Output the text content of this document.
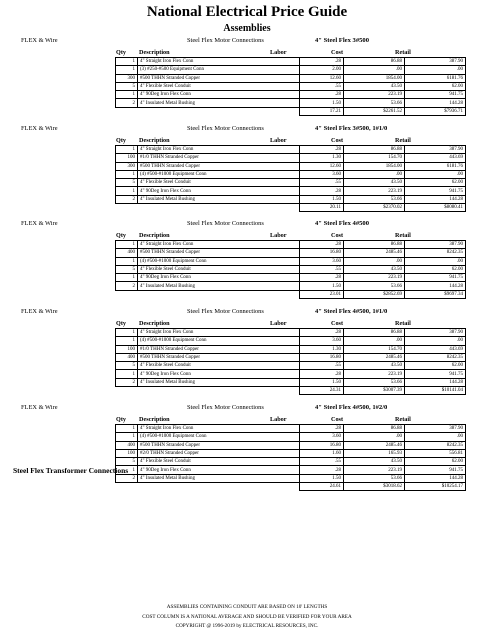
National Electrical Price Guide
Assemblies
FLEX & Wire	Steel Flex Motor Connections	4" Steel Flex 3#500
Qty Description	Labor	Cost	Retail
1	4" Straight Iron Flex Conn	.28	86.88	387.90
1	(3) #250-#500 Equipment Conn	2.00	.00	.00
300	#500 THHN Stranded Copper	12.60	1854.00	6181.76
5	4" Flexible Steel Conduit	.55	43.50	62.00
1	4" 90Deg Iron Flex Conn	.28	223.19	941.75
2	4" Insulated Metal Bushing	1.50	53.66	144.28
		17.21	$2261.52	$7936.71
FLEX & Wire	Steel Flex Motor Connections	4" Steel Flex 3#500, 1#1/0
Qty Description	Labor	Cost	Retail
1	4" Straight Iron Flex Conn	.28	86.88	387.90
100	#1/0 THHN Stranded Copper	1.30	154.70	443.69
300	#500 THHN Stranded Copper	12.60	1854.00	6181.76
1	(4) #500-#1000 Equipment Conn	3.60	.00	.00
5	4" Flexible Steel Conduit	.55	43.50	62.00
1	4" 90Deg Iron Flex Conn	.28	223.19	941.75
2	4" Insulated Metal Bushing	1.50	53.66	144.28
		20.11	$2370.02	$8080.41
FLEX & Wire	Steel Flex Motor Connections	4" Steel Flex 4#500
Qty Description	Labor	Cost	Retail
1	4" Straight Iron Flex Conn	.28	86.88	387.90
400	#500 THHN Stranded Copper	16.80	2485.46	8242.35
1	(4) #500-#1000 Equipment Conn	3.60	.00	.00
5	4" Flexible Steel Conduit	.55	43.50	62.00
1	4" 90Deg Iron Flex Conn	.28	223.19	941.75
2	4" Insulated Metal Bushing	1.50	53.66	144.28
		23.01	$2852.69	$9697.34
FLEX & Wire	Steel Flex Motor Connections	4" Steel Flex 4#500, 1#1/0
Qty Description	Labor	Cost	Retail
1	4" Straight Iron Flex Conn	.28	86.88	387.90
1	(4) #500-#1000 Equipment Conn	3.60	.00	.00
100	#1/0 THHN Stranded Copper	1.30	154.70	443.69
400	#500 THHN Stranded Copper	16.80	2485.46	8242.35
5	4" Flexible Steel Conduit	.55	43.50	62.00
1	4" 90Deg Iron Flex Conn	.28	223.19	941.75
2	4" Insulated Metal Bushing	1.50	53.66	144.28
		24.31	$3007.39	$10141.04
FLEX & Wire	Steel Flex Motor Connections	4" Steel Flex 4#500, 1#2/0
Qty Description	Labor	Cost	Retail
1	4" Straight Iron Flex Conn	.28	86.88	387.90
1	(4) #500-#1000 Equipment Conn	3.60	.00	.00
400	#500 THHN Stranded Copper	16.80	2485.46	8242.35
100	#2/0 THHN Stranded Copper	1.60	165.93	556.81
5	4" Flexible Steel Conduit	.55	43.50	62.00
1	4" 90Deg Iron Flex Conn	.28	223.19	941.75
2	4" Insulated Metal Bushing	1.50	53.66	144.28
		24.61	$3018.62	$10254.17
Steel Flex Transformer Connections
ASSEMBLIES CONTAINING CONDUIT ARE BASED ON 10' LENGTHS
COST COLUMN IS A NATIONAL AVERAGE AND SHOULD BE VERIFIED FOR YOUR AREA
COPYRIGHT @ 1996-2019 by ELECTRICAL RESOURCES, INC.
